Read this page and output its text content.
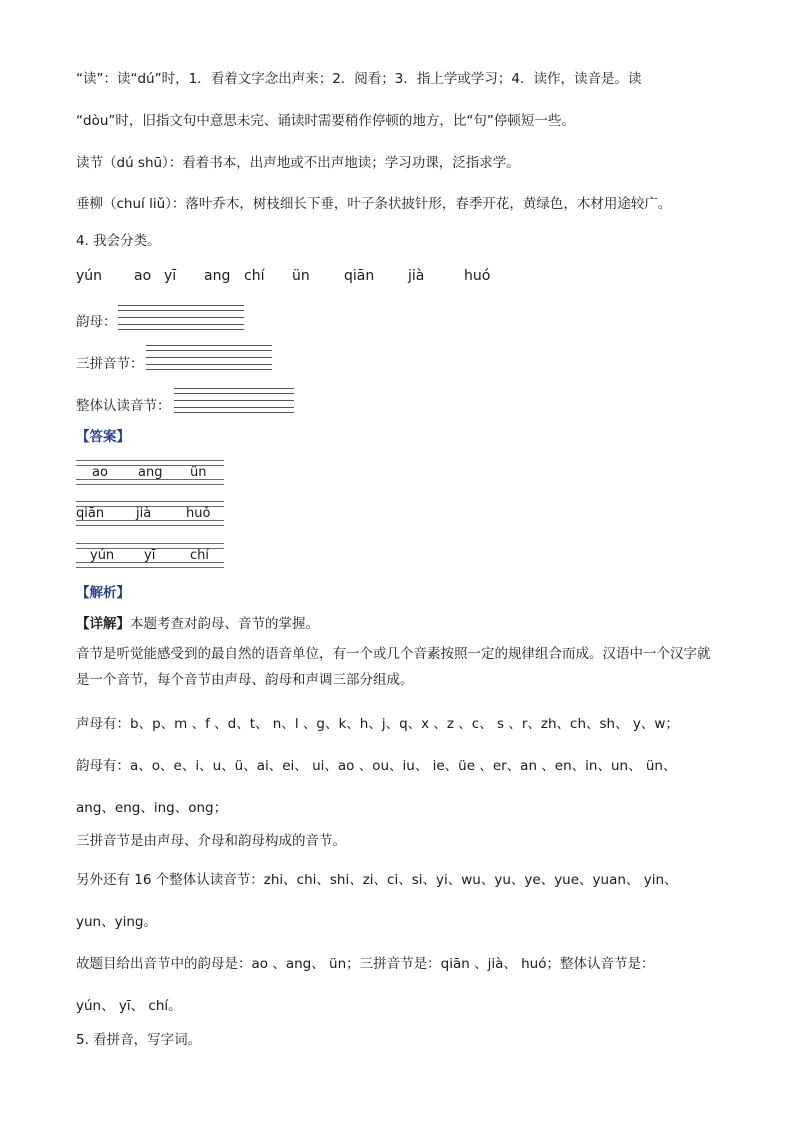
“读”：读“dú”时，1．看着文字念出声来；2．阅看；3．指上学或学习；4．读作，读音是。读
“dòu”时，旧指文句中意思未完、诵读时需要稍作停顿的地方，比“句”停顿短一些。
读节（dú shū）：看着书本，出声地或不出声地读；学习功课，泛指求学。
垂柳（chuí liǔ）：落叶乔木，树枝细长下垂，叶子条状披针形，春季开花，黄绿色，木材用途较广。
4. 我会分类。
yún ao yī ang chí ün qiān jià	huó
韵母：
三拼音节：
整体认读音节：
【答案】
ao ang ün
qiān jià	huǒ
yún yī	chí
【解析】
【详解】本题考查对韵母、音节的掌握。
音节是听觉能感受到的最自然的语音单位，有一个或几个音素按照一定的规律组合而成。汉语中一个汉字就是一个音节，每个音节由声母、韵母和声调三部分组成。
声母有：b、p、m 、f 、d、t、 n、l 、g、k、h、j、q、x 、z 、c、 s 、r、zh、ch、sh、 y、w；
韵母有：a、o、e、i、u、ü、ai、ei、 ui、ao 、ou、iu、 ie、üe 、er、an 、en、in、un、 ün、
ang、eng、ing、ong；
三拼音节是由声母、介母和韵母构成的音节。
另外还有 16 个整体认读音节：zhi、chi、shi、zi、ci、si、yi、wu、yu、ye、yue、yuan、 yin、
yun、ying。
故题目给出音节中的韵母是：ao 、ang、 ün；三拼音节是：qiān 、jià、 huó；整体认音节是：
yún、 yī、 chí。
5. 看拼音，写字词。
